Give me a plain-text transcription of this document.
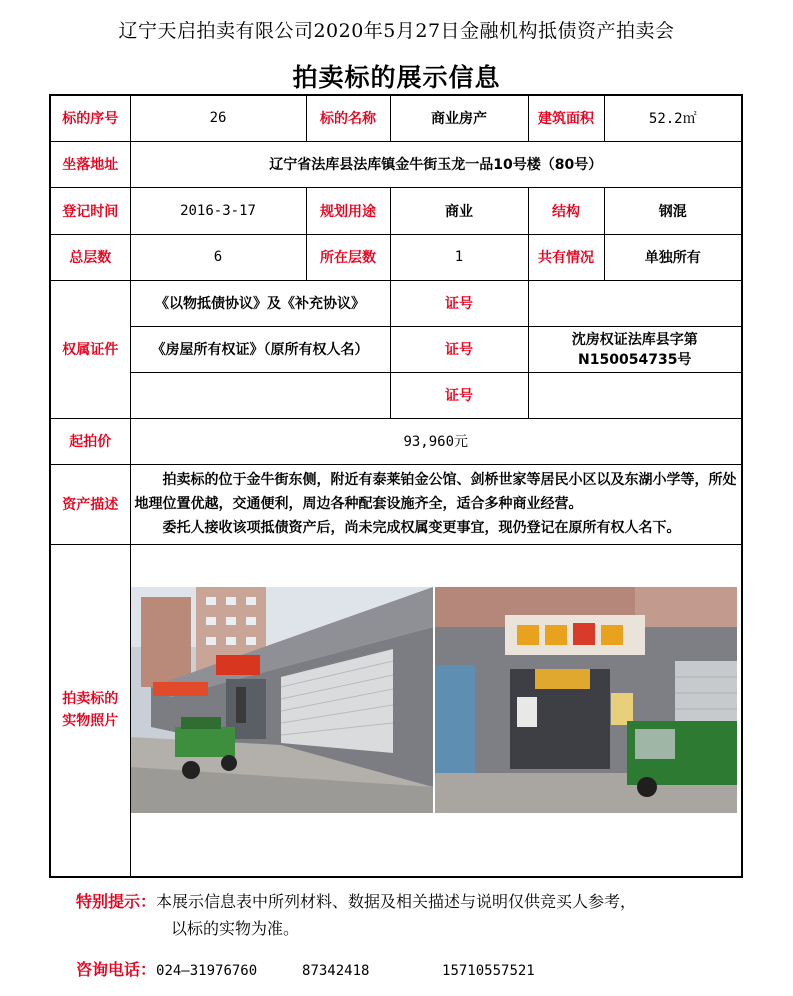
辽宁天启拍卖有限公司2020年5月27日金融机构抵债资产拍卖会
拍卖标的展示信息
标的序号	26	标的名称	商业房产	建筑面积	52.2㎡
坐落地址	辽宁省法库县法库镇金牛街玉龙一品10号楼（80号）				
登记时间	2016-3-17	规划用途	商业	结构	钢混
总层数	6	所在层数	1	共有情况	单独所有
权属证件	《以物抵债协议》及《补充协议》		证号		
	《房屋所有权证》（原所有权人名）		证号	沈房权证法库县字第N150054735号	
			证号		
起拍价	93,960元				
资产描述	拍卖标的位于金牛街东侧，附近有泰莱铂金公馆、剑桥世家等居民小区以及东湖小学等，所处地理位置优越，交通便利，周边各种配套设施齐全，适合多种商业经营。

委托人接收该项抵债资产后，尚未完成权属变更事宜，现仍登记在原所有权人名下。				

拍卖标的
实物照片	
特别提示：本展示信息表中所列材料、数据及相关描述与说明仅供竞买人参考，
以标的实物为准。
咨询电话：024—31976760	87342418	15710557521
